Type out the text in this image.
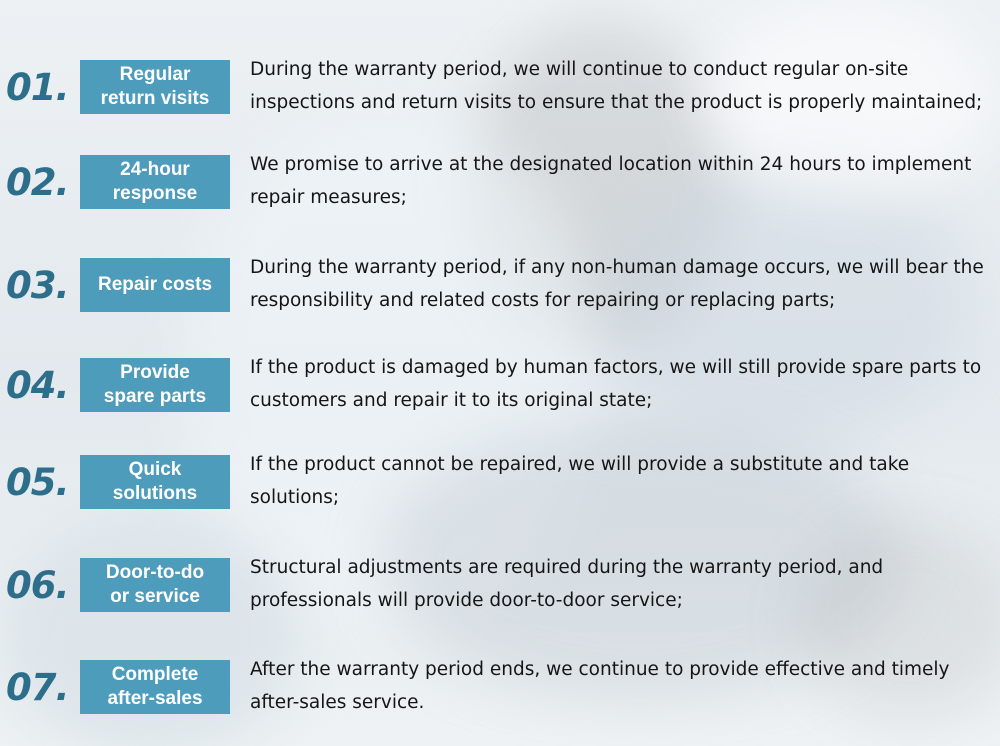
01.	Regular
return visits

During the warranty period, we will continue to conduct regular on-site inspections and return visits to ensure that the product is properly maintained;

02.	24-hour
response

We promise to arrive at the designated location within 24 hours to implement repair measures;

03.	Repair costs

During the warranty period, if any non-human damage occurs, we will bear the responsibility and related costs for repairing or replacing parts;

04.	Provide
spare parts

If the product is damaged by human factors, we will still provide spare parts to customers and repair it to its original state;

05.	Quick
solutions

If the product cannot be repaired, we will provide a substitute and take solutions;

06.	Door-to-do
or service

Structural adjustments are required during the warranty period, and professionals will provide door-to-door service;

07.	Complete
after-sales

After the warranty period ends, we continue to provide effective and timely after-sales service.
